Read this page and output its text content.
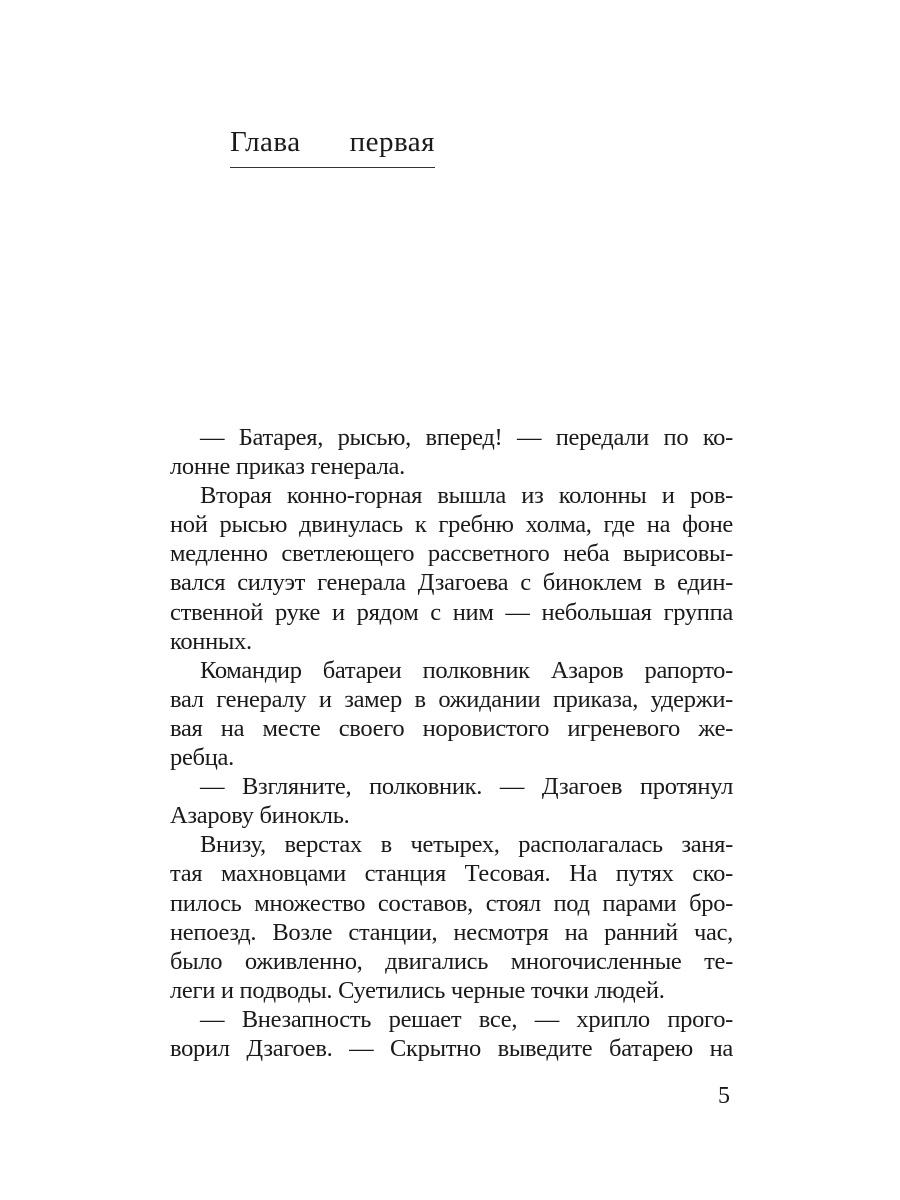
Глава первая
— Батарея, рысью, вперед! — передали по ко-
лонне приказ генерала.
Вторая конно-горная вышла из колонны и ров-
ной рысью двинулась к гребню холма, где на фоне
медленно светлеющего рассветного неба вырисовы-
вался силуэт генерала Дзагоева с биноклем в един-
ственной руке и рядом с ним — небольшая группа
конных.
Командир батареи полковник Азаров рапорто-
вал генералу и замер в ожидании приказа, удержи-
вая на месте своего норовистого игреневого же-
ребца.
— Взгляните, полковник. — Дзагоев протянул
Азарову бинокль.
Внизу, верстах в четырех, располагалась заня-
тая махновцами станция Тесовая. На путях ско-
пилось множество составов, стоял под парами бро-
непоезд. Возле станции, несмотря на ранний час,
было оживленно, двигались многочисленные те-
леги и подводы. Суетились черные точки людей.
— Внезапность решает все, — хрипло прого-
ворил Дзагоев. — Скрытно выведите батарею на
5
